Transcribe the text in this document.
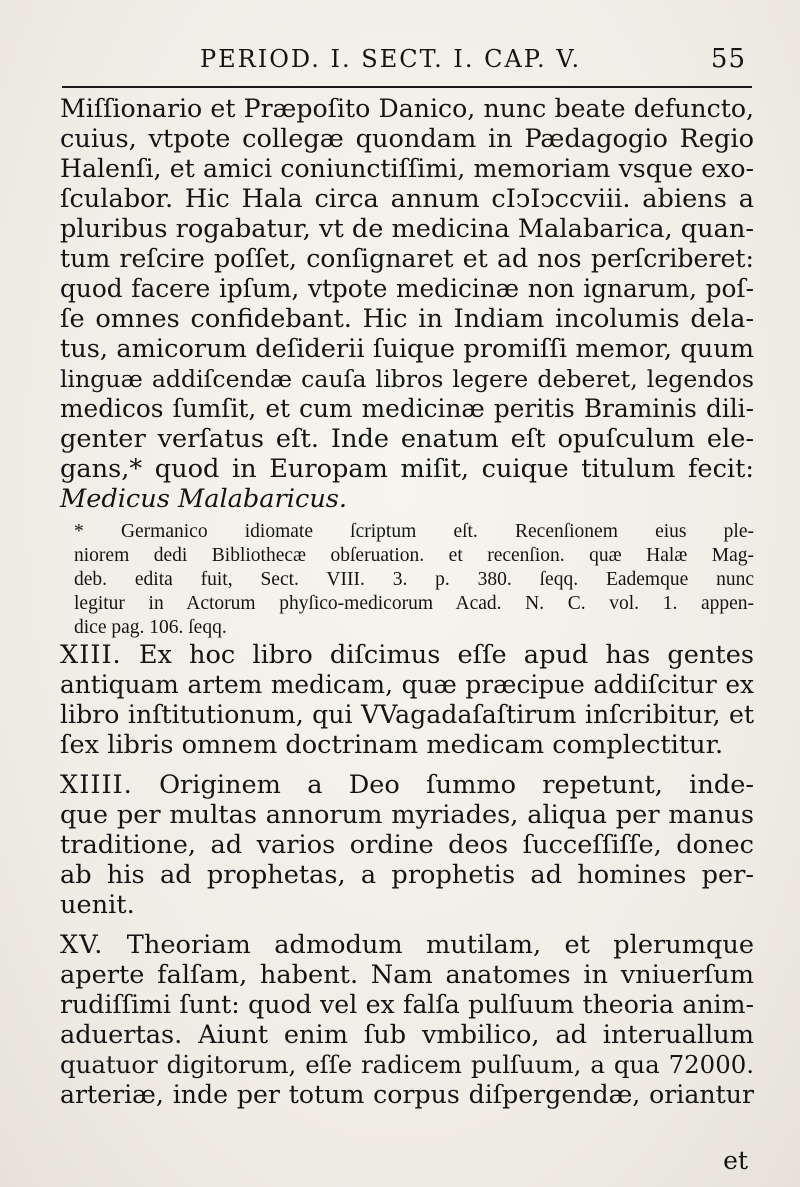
PERIOD. I. SECT. I. CAP. V.	55

Miſſionario et Præpoſito Danico, nunc beate defuncto,
cuius, vtpote collegæ quondam in Pædagogio Regio
Halenſi, et amici coniunctiſſimi, memoriam vsque exo-
ſculabor. Hic Hala circa annum cIↄIↄccviii. abiens a
pluribus rogabatur, vt de medicina Malabarica, quan-
tum reſcire poſſet, conſignaret et ad nos perſcriberet:
quod facere ipſum, vtpote medicinæ non ignarum, poſ-
ſe omnes confidebant. Hic in Indiam incolumis dela-
tus, amicorum deſiderii ſuique promiſſi memor, quum
linguæ addiſcendæ cauſa libros legere deberet, legendos
medicos ſumſit, et cum medicinæ peritis Braminis dili-
genter verſatus eſt. Inde enatum eſt opuſculum ele-
gans,* quod in Europam miſit, cuique titulum fecit:
Medicus Malabaricus.

* Germanico idiomate ſcriptum eſt. Recenſionem eius ple-
niorem dedi Bibliothecæ obſeruation. et recenſion. quæ Halæ Mag-
deb. edita fuit, Sect. VIII. 3. p. 380. ſeqq. Eademque nunc
legitur in Actorum phyſico-medicorum Acad. N. C. vol. 1. appen-
dice pag. 106. ſeqq.

XIII. Ex hoc libro diſcimus eſſe apud has gentes
antiquam artem medicam, quæ præcipue addiſcitur ex
libro inſtitutionum, qui VVagadaſaſtirum inſcribitur, et
ſex libris omnem doctrinam medicam complectitur.

XIIII. Originem a Deo ſummo repetunt, inde-
que per multas annorum myriades, aliqua per manus
traditione, ad varios ordine deos ſucceſſiſſe, donec
ab his ad prophetas, a prophetis ad homines per-
uenit.

XV. Theoriam admodum mutilam, et plerumque
aperte falſam, habent. Nam anatomes in vniuerſum
rudiſſimi ſunt: quod vel ex falſa pulſuum theoria anim-
aduertas. Aiunt enim ſub vmbilico, ad interuallum
quatuor digitorum, eſſe radicem pulſuum, a qua 72000.
arteriæ, inde per totum corpus diſpergendæ, oriantur

et
